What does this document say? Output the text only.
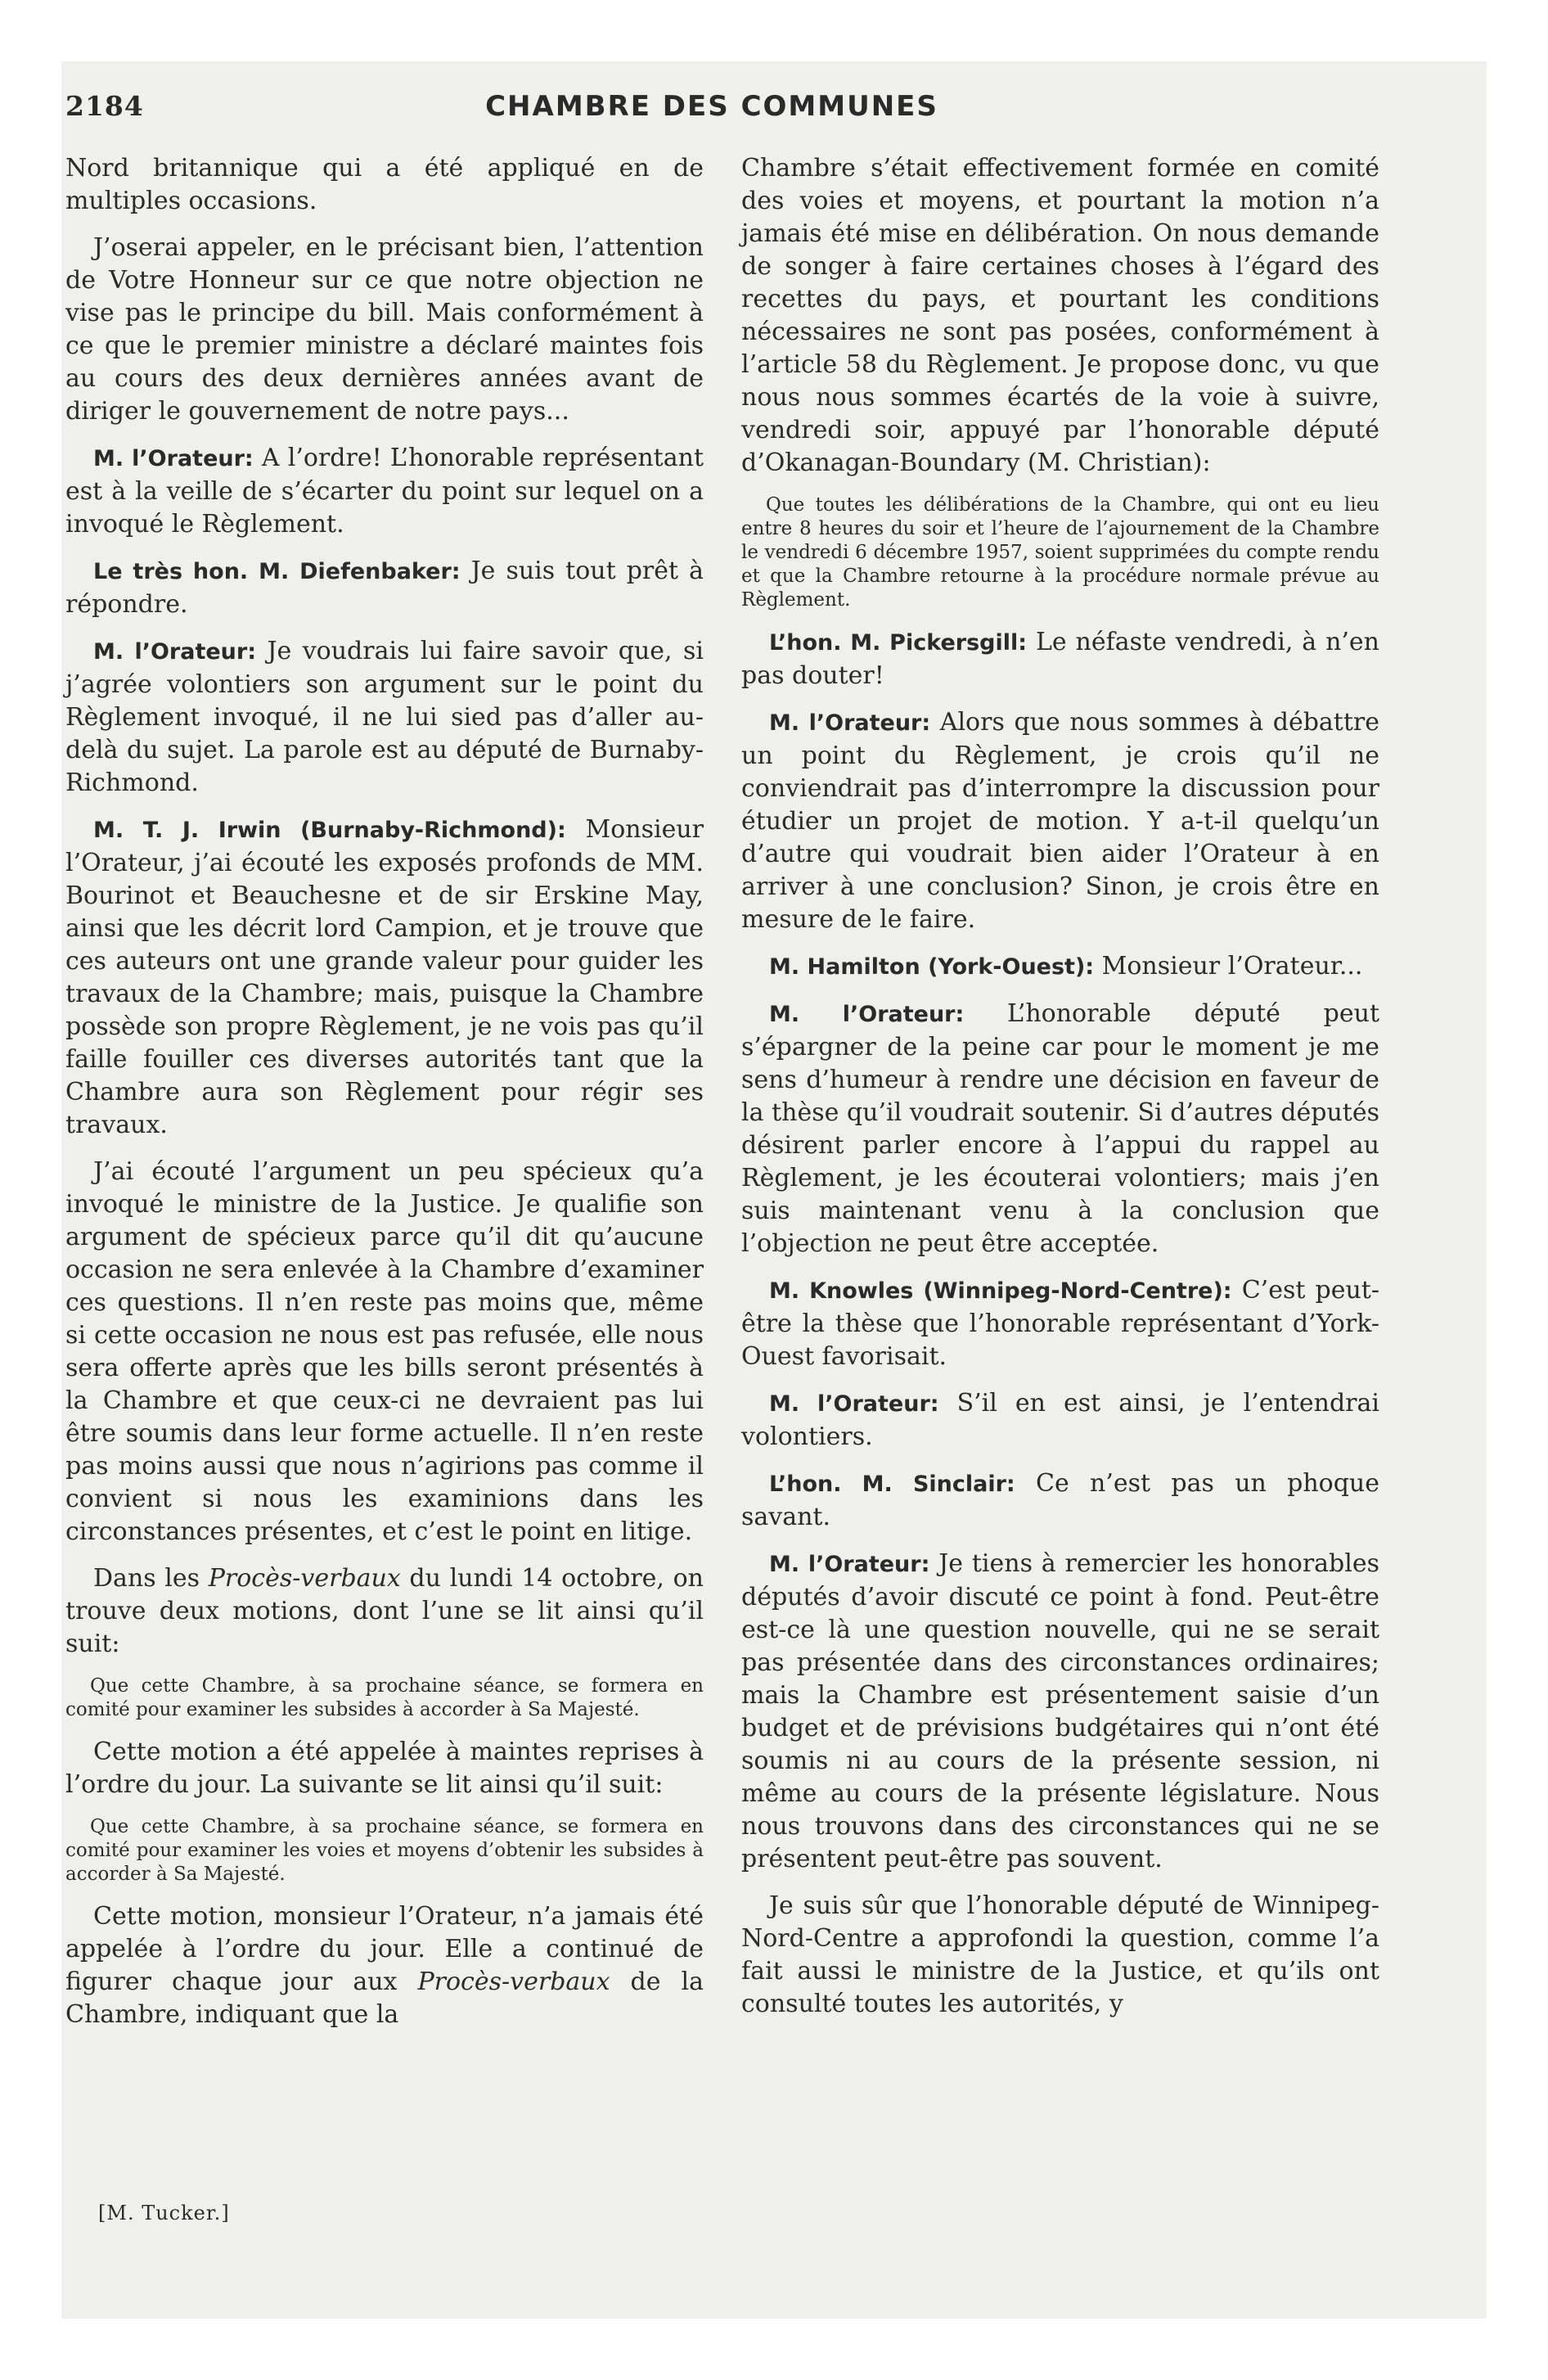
2184	CHAMBRE DES COMMUNES

Nord britannique qui a été appliqué en de multiples occasions.

J’oserai appeler, en le précisant bien, l’attention de Votre Honneur sur ce que notre objection ne vise pas le principe du bill. Mais conformément à ce que le premier ministre a déclaré maintes fois au cours des deux dernières années avant de diriger le gouvernement de notre pays...

M. l’Orateur: A l’ordre! L’honorable représentant est à la veille de s’écarter du point sur lequel on a invoqué le Règlement.

Le très hon. M. Diefenbaker: Je suis tout prêt à répondre.

M. l’Orateur: Je voudrais lui faire savoir que, si j’agrée volontiers son argument sur le point du Règlement invoqué, il ne lui sied pas d’aller au-delà du sujet. La parole est au député de Burnaby-Richmond.

M. T. J. Irwin (Burnaby-Richmond): Monsieur l’Orateur, j’ai écouté les exposés profonds de MM. Bourinot et Beauchesne et de sir Erskine May, ainsi que les décrit lord Campion, et je trouve que ces auteurs ont une grande valeur pour guider les travaux de la Chambre; mais, puisque la Chambre possède son propre Règlement, je ne vois pas qu’il faille fouiller ces diverses autorités tant que la Chambre aura son Règlement pour régir ses travaux.

J’ai écouté l’argument un peu spécieux qu’a invoqué le ministre de la Justice. Je qualifie son argument de spécieux parce qu’il dit qu’aucune occasion ne sera enlevée à la Chambre d’examiner ces questions. Il n’en reste pas moins que, même si cette occasion ne nous est pas refusée, elle nous sera offerte après que les bills seront présentés à la Chambre et que ceux-ci ne devraient pas lui être soumis dans leur forme actuelle. Il n’en reste pas moins aussi que nous n’agirions pas comme il convient si nous les examinions dans les circonstances présentes, et c’est le point en litige.

Dans les Procès-verbaux du lundi 14 octobre, on trouve deux motions, dont l’une se lit ainsi qu’il suit:

Que cette Chambre, à sa prochaine séance, se formera en comité pour examiner les subsides à accorder à Sa Majesté.

Cette motion a été appelée à maintes reprises à l’ordre du jour. La suivante se lit ainsi qu’il suit:

Que cette Chambre, à sa prochaine séance, se formera en comité pour examiner les voies et moyens d’obtenir les subsides à accorder à Sa Majesté.

Cette motion, monsieur l’Orateur, n’a jamais été appelée à l’ordre du jour. Elle a continué de figurer chaque jour aux Procès-verbaux de la Chambre, indiquant que la

Chambre s’était effectivement formée en comité des voies et moyens, et pourtant la motion n’a jamais été mise en délibération. On nous demande de songer à faire certaines choses à l’égard des recettes du pays, et pourtant les conditions nécessaires ne sont pas posées, conformément à l’article 58 du Règlement. Je propose donc, vu que nous nous sommes écartés de la voie à suivre, vendredi soir, appuyé par l’honorable député d’Okanagan-Boundary (M. Christian):

Que toutes les délibérations de la Chambre, qui ont eu lieu entre 8 heures du soir et l’heure de l’ajournement de la Chambre le vendredi 6 décembre 1957, soient supprimées du compte rendu et que la Chambre retourne à la procédure normale prévue au Règlement.

L’hon. M. Pickersgill: Le néfaste vendredi, à n’en pas douter!

M. l’Orateur: Alors que nous sommes à débattre un point du Règlement, je crois qu’il ne conviendrait pas d’interrompre la discussion pour étudier un projet de motion. Y a-t-il quelqu’un d’autre qui voudrait bien aider l’Orateur à en arriver à une conclusion? Sinon, je crois être en mesure de le faire.

M. Hamilton (York-Ouest): Monsieur l’Orateur...

M. l’Orateur: L’honorable député peut s’épargner de la peine car pour le moment je me sens d’humeur à rendre une décision en faveur de la thèse qu’il voudrait soutenir. Si d’autres députés désirent parler encore à l’appui du rappel au Règlement, je les écouterai volontiers; mais j’en suis maintenant venu à la conclusion que l’objection ne peut être acceptée.

M. Knowles (Winnipeg-Nord-Centre): C’est peut-être la thèse que l’honorable représentant d’York-Ouest favorisait.

M. l’Orateur: S’il en est ainsi, je l’entendrai volontiers.

L’hon. M. Sinclair: Ce n’est pas un phoque savant.

M. l’Orateur: Je tiens à remercier les honorables députés d’avoir discuté ce point à fond. Peut-être est-ce là une question nouvelle, qui ne se serait pas présentée dans des circonstances ordinaires; mais la Chambre est présentement saisie d’un budget et de prévisions budgétaires qui n’ont été soumis ni au cours de la présente session, ni même au cours de la présente législature. Nous nous trouvons dans des circonstances qui ne se présentent peut-être pas souvent.

Je suis sûr que l’honorable député de Winnipeg-Nord-Centre a approfondi la question, comme l’a fait aussi le ministre de la Justice, et qu’ils ont consulté toutes les autorités, y

[M. Tucker.]
